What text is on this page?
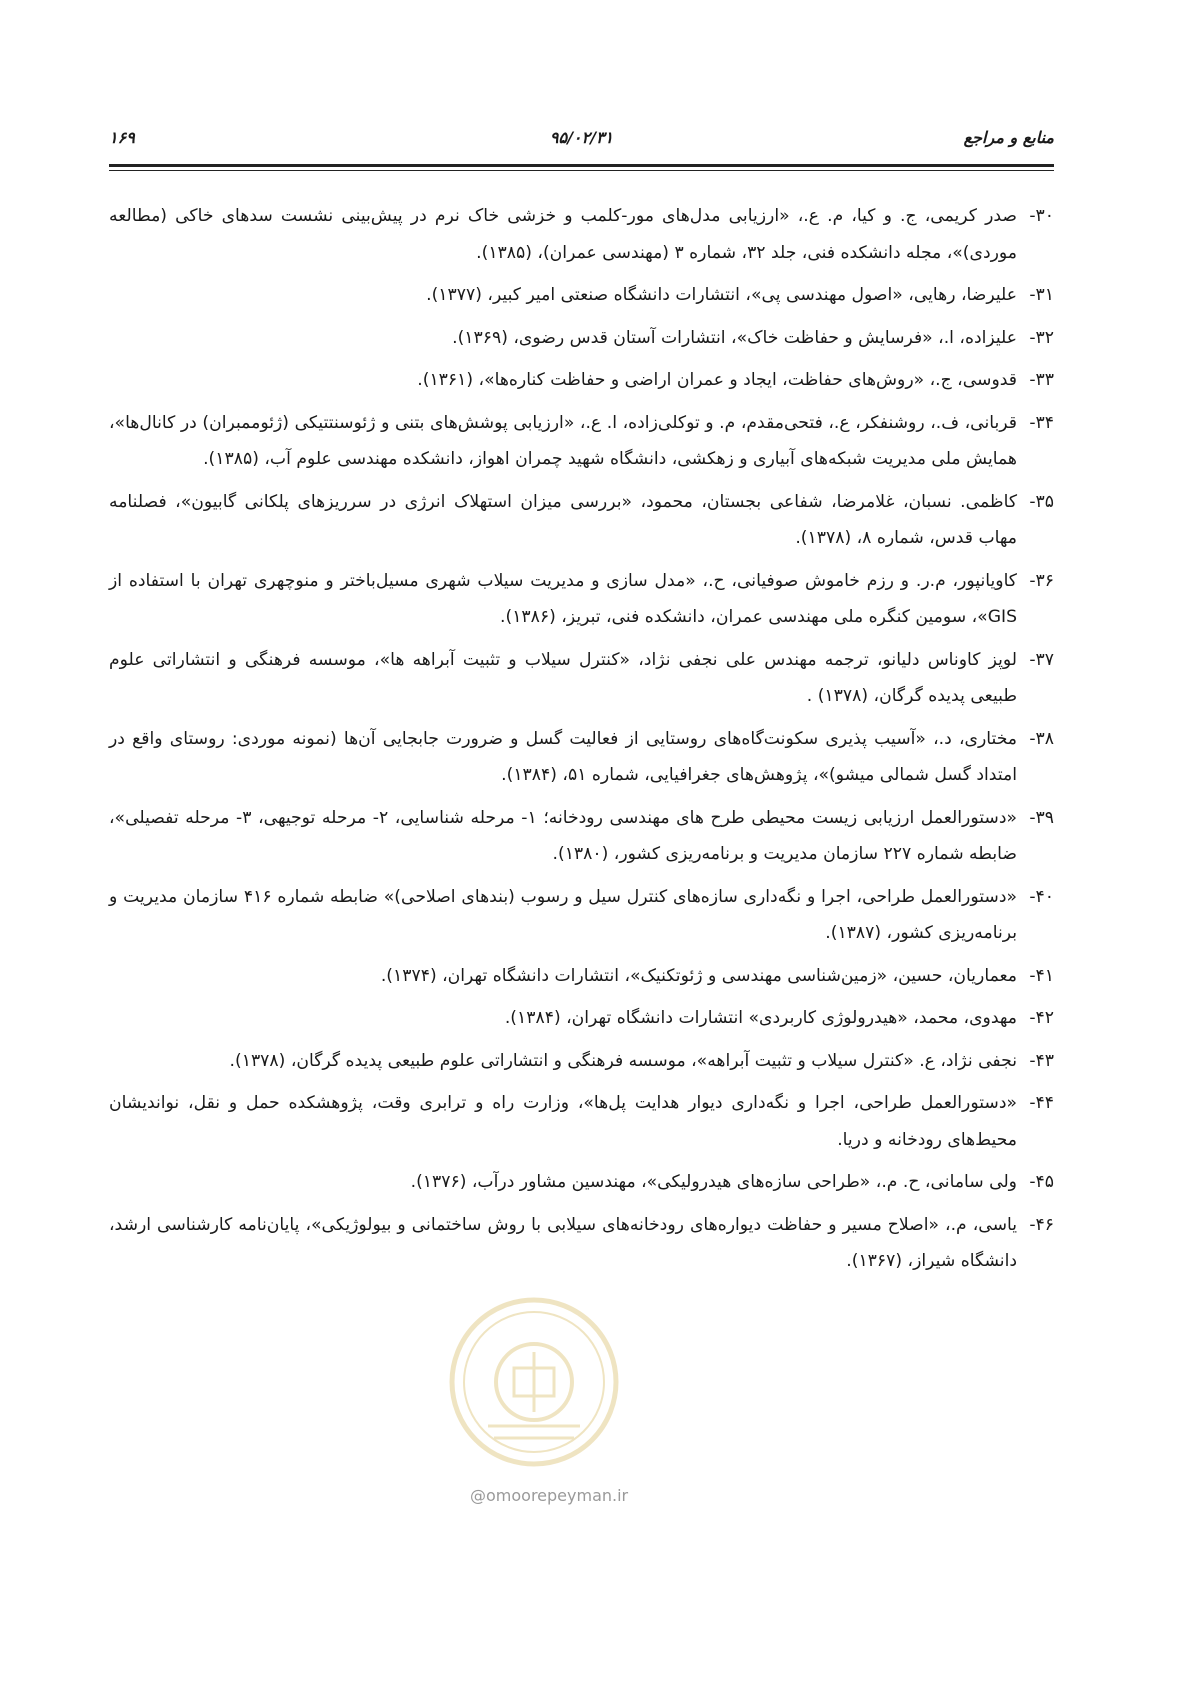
منابع و مراجع
۹۵/۰۲/۳۱
۱۶۹
۳۰-
صدر کریمی، ج. و کیا، م. ع.، «ارزیابی مدل‌های مور-کلمب و خزشی خاک نرم در پیش‌بینی نشست سدهای خاکی (مطالعه موردی)»، مجله دانشکده فنی، جلد ۳۲، شماره ۳ (مهندسی عمران)، (۱۳۸۵).
۳۱-
علیرضا، رهایی، «اصول مهندسی پی»، انتشارات دانشگاه صنعتی امیر کبیر، (۱۳۷۷).
۳۲-
علیزاده، ا.، «فرسایش و حفاظت خاک»، انتشارات آستان قدس رضوی، (۱۳۶۹).
۳۳-
قدوسی، ج.، «روش‌های حفاظت، ایجاد و عمران اراضی و حفاظت کناره‌ها»، (۱۳۶۱).
۳۴-
قربانی، ف.، روشنفکر، ع.، فتحی‌مقدم، م. و توکلی‌زاده، ا. ع.، «ارزیابی پوشش‌های بتنی و ژئوسنتتیکی (ژئوممبران) در کانال‌ها»، همایش ملی مدیریت شبکه‌های آبیاری و زهکشی، دانشگاه شهید چمران اهواز، دانشکده مهندسی علوم آب، (۱۳۸۵).
۳۵-
کاظمی. نسبان، غلامرضا، شفاعی بجستان، محمود، «بررسی میزان استهلاک انرژی در سرریزهای پلکانی گابیون»، فصلنامه مهاب قدس، شماره ۸، (۱۳۷۸).
۳۶-
کاویانپور، م.ر. و رزم خاموش صوفیانی، ح.، «مدل سازی و مدیریت سیلاب شهری مسیل‌باختر و منوچهری تهران با استفاده از GIS»، سومین کنگره ملی مهندسی عمران، دانشکده فنی، تبریز، (۱۳۸۶).
۳۷-
لوپز کاوناس دلیانو، ترجمه مهندس علی نجفی نژاد، «کنترل سیلاب و تثبیت آبراهه ها»، موسسه فرهنگی و انتشاراتی علوم طبیعی پدیده گرگان، (۱۳۷۸) .
۳۸-
مختاری، د.، «آسیب پذیری سکونت‌گاه‌های روستایی از فعالیت گسل و ضرورت جابجایی آن‌ها (نمونه موردی: روستای واقع در امتداد گسل شمالی میشو)»، پژوهش‌های جغرافیایی، شماره ۵۱، (۱۳۸۴).
۳۹-
«دستورالعمل ارزیابی زیست محیطی طرح های مهندسی رودخانه؛ ۱- مرحله شناسایی، ۲- مرحله توجیهی، ۳- مرحله تفصیلی»، ضابطه شماره ۲۲۷ سازمان مدیریت و برنامه‌ریزی کشور، (۱۳۸۰).
۴۰-
«دستورالعمل طراحی، اجرا و نگه‌داری سازه‌های کنترل سیل و رسوب (بندهای اصلاحی)» ضابطه شماره ۴۱۶ سازمان مدیریت و برنامه‌ریزی کشور، (۱۳۸۷).
۴۱-
معماریان، حسین، «زمین‌شناسی مهندسی و ژئوتکنیک»، انتشارات دانشگاه تهران، (۱۳۷۴).
۴۲-
مهدوی، محمد، «هیدرولوژی کاربردی» انتشارات دانشگاه تهران، (۱۳۸۴).
۴۳-
نجفی نژاد، ع. «کنترل سیلاب و تثبیت آبراهه»، موسسه فرهنگی و انتشاراتی علوم طبیعی پدیده گرگان، (۱۳۷۸).
۴۴-
«دستورالعمل طراحی، اجرا و نگه‌داری دیوار هدایت پل‌ها»، وزارت راه و ترابری وقت، پژوهشکده حمل و نقل، نواندیشان محیط‌های رودخانه و دریا.
۴۵-
ولی سامانی، ح. م.، «طراحی سازه‌های هیدرولیکی»، مهندسین مشاور درآب، (۱۳۷۶).
۴۶-
یاسی، م.، «اصلاح مسیر و حفاظت دیواره‌های رودخانه‌های سیلابی با روش ساختمانی و بیولوژیکی»، پایان‌نامه کارشناسی ارشد، دانشگاه شیراز، (۱۳۶۷).
@omoorepeyman.ir
